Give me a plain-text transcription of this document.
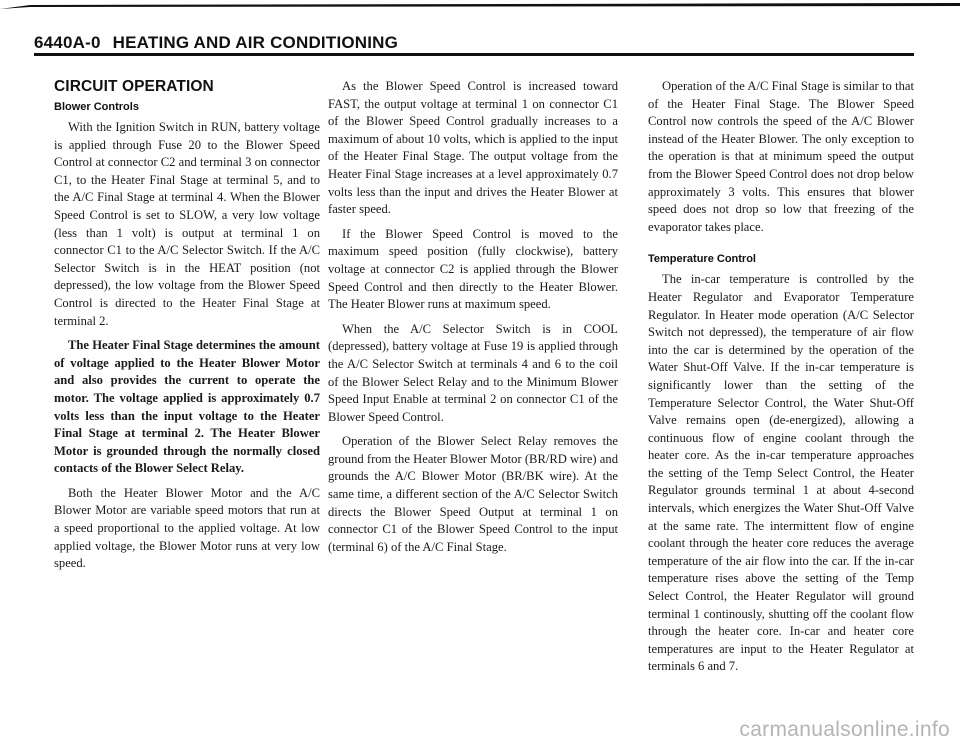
6440A-0 HEATING AND AIR CONDITIONING
CIRCUIT OPERATION
Blower Controls

With the Ignition Switch in RUN, battery voltage is applied through Fuse 20 to the Blower Speed Control at connector C2 and terminal 3 on connector C1, to the Heater Final Stage at terminal 5, and to the A/C Final Stage at terminal 4. When the Blower Speed Control is set to SLOW, a very low voltage (less than 1 volt) is output at terminal 1 on connector C1 to the A/C Selector Switch. If the A/C Selector Switch is in the HEAT position (not depressed), the low voltage from the Blower Speed Control is directed to the Heater Final Stage at terminal 2.

The Heater Final Stage determines the amount of voltage applied to the Heater Blower Motor and also provides the current to operate the motor. The voltage applied is approximately 0.7 volts less than the input voltage to the Heater Final Stage at terminal 2. The Heater Blower Motor is grounded through the normally closed contacts of the Blower Select Relay.

Both the Heater Blower Motor and the A/C Blower Motor are variable speed motors that run at a speed proportional to the applied voltage. At low applied voltage, the Blower Motor runs at very low speed.

As the Blower Speed Control is increased toward FAST, the output voltage at terminal 1 on connector C1 of the Blower Speed Control gradually increases to a maximum of about 10 volts, which is applied to the input of the Heater Final Stage. The output voltage from the Heater Final Stage increases at a level approximately 0.7 volts less than the input and drives the Heater Blower at faster speed.

If the Blower Speed Control is moved to the maximum speed position (fully clockwise), battery voltage at connector C2 is applied through the Blower Speed Control and then directly to the Heater Blower. The Heater Blower runs at maximum speed.

When the A/C Selector Switch is in COOL (depressed), battery voltage at Fuse 19 is applied through the A/C Selector Switch at terminals 4 and 6 to the coil of the Blower Select Relay and to the Minimum Blower Speed Input Enable at terminal 2 on connector C1 of the Blower Speed Control.

Operation of the Blower Select Relay removes the ground from the Heater Blower Motor (BR/RD wire) and grounds the A/C Blower Motor (BR/BK wire). At the same time, a different section of the A/C Selector Switch directs the Blower Speed Output at terminal 1 on connector C1 of the Blower Speed Control to the input (terminal 6) of the A/C Final Stage.

Operation of the A/C Final Stage is similar to that of the Heater Final Stage. The Blower Speed Control now controls the speed of the A/C Blower instead of the Heater Blower. The only exception to the operation is that at minimum speed the output from the Blower Speed Control does not drop below approximately 3 volts. This ensures that blower speed does not drop so low that freezing of the evaporator takes place.

Temperature Control

The in-car temperature is controlled by the Heater Regulator and Evaporator Temperature Regulator. In Heater mode operation (A/C Selector Switch not depressed), the temperature of air flow into the car is determined by the operation of the Water Shut-Off Valve. If the in-car temperature is significantly lower than the setting of the Temperature Selector Control, the Water Shut-Off Valve remains open (de-energized), allowing a continuous flow of engine coolant through the heater core. As the in-car temperature approaches the setting of the Temp Select Control, the Heater Regulator grounds terminal 1 at about 4-second intervals, which energizes the Water Shut-Off Valve at the same rate. The intermittent flow of engine coolant through the heater core reduces the average temperature of the air flow into the car. If the in-car temperature rises above the setting of the Temp Select Control, the Heater Regulator will ground terminal 1 continously, shutting off the coolant flow through the heater core. In-car and heater core temperatures are input to the Heater Regulator at terminals 6 and 7.

carmanualsonline.info
